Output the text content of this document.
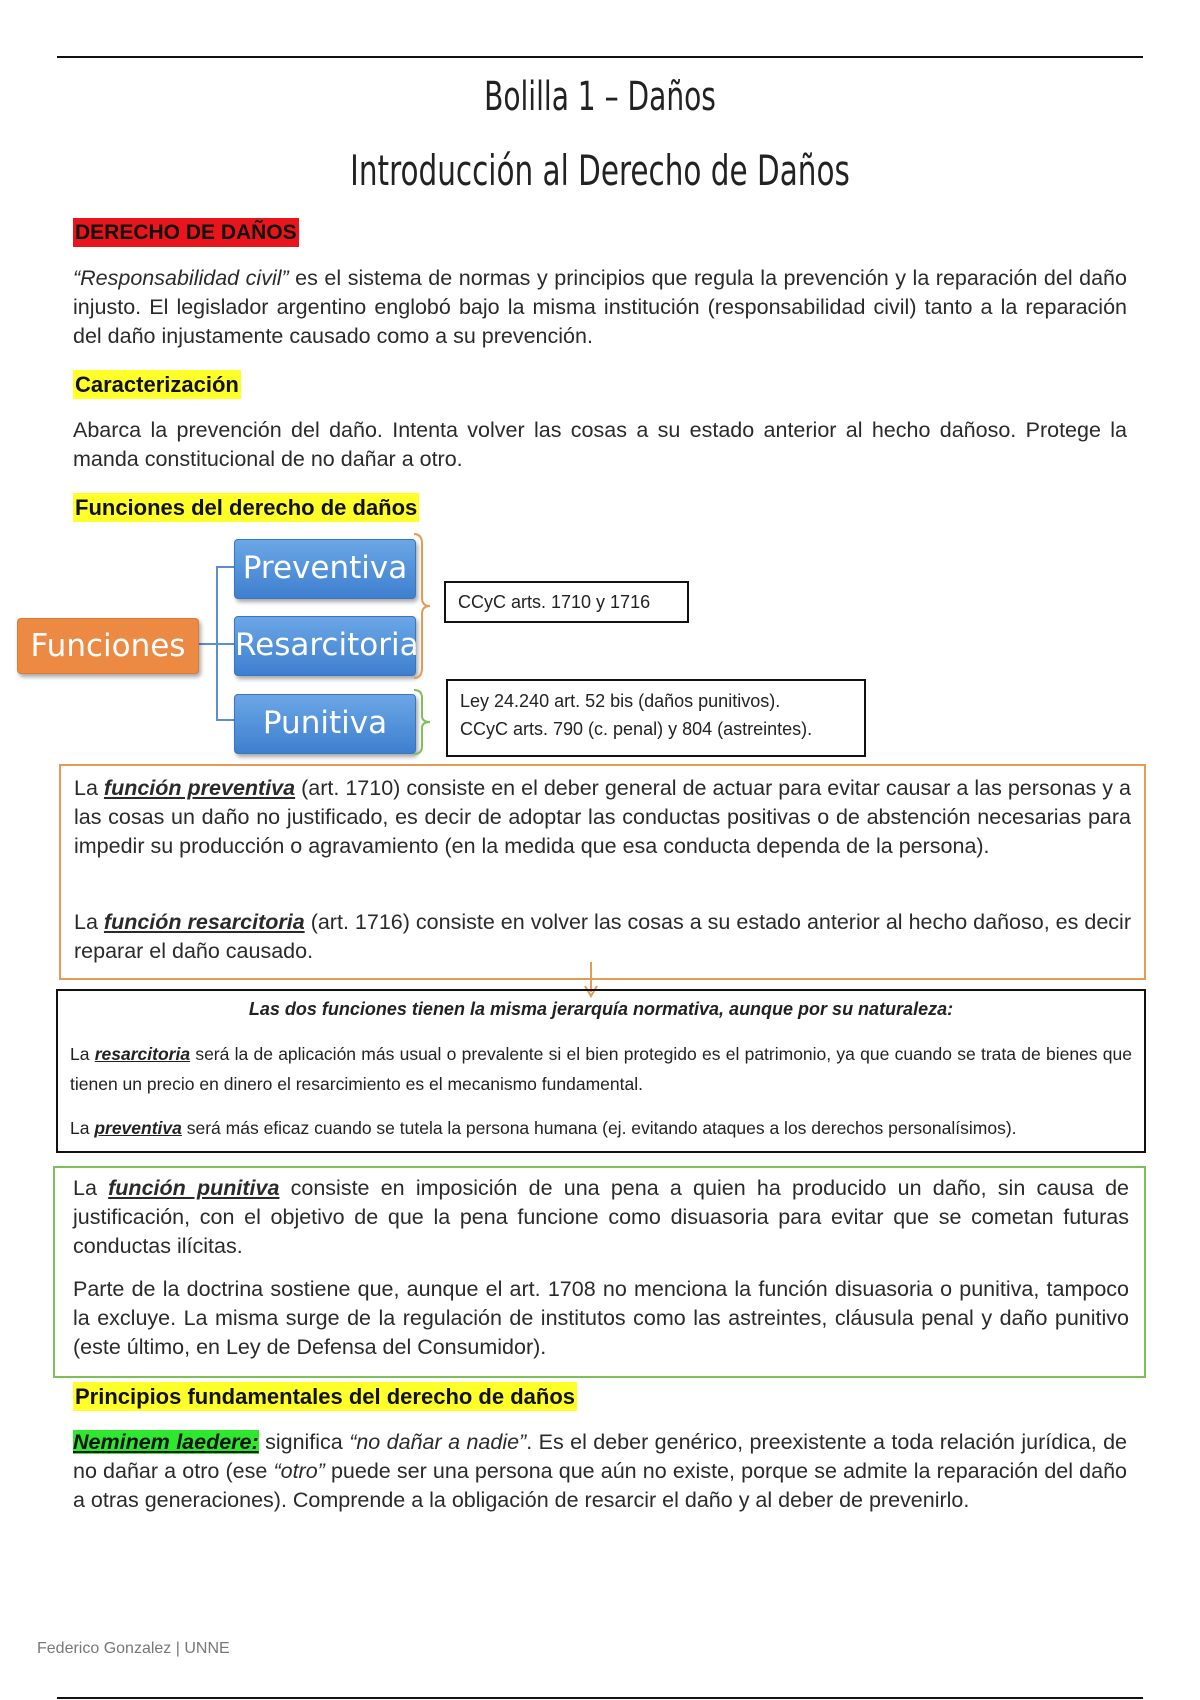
Bolilla 1 – Daños
Introducción al Derecho de Daños
DERECHO DE DAÑOS
“Responsabilidad civil” es el sistema de normas y principios que regula la prevención y la reparación del daño injusto. El legislador argentino englobó bajo la misma institución (responsabilidad civil) tanto a la reparación del daño injustamente causado como a su prevención.
Caracterización
Abarca la prevención del daño. Intenta volver las cosas a su estado anterior al hecho dañoso. Protege la manda constitucional de no dañar a otro.
Funciones del derecho de daños
Funciones
Preventiva
Resarcitoria
Punitiva
CCyC arts. 1710 y 1716
Ley 24.240 art. 52 bis (daños punitivos).
CCyC arts. 790 (c. penal) y 804 (astreintes).
La función preventiva (art. 1710) consiste en el deber general de actuar para evitar causar a las personas y a las cosas un daño no justificado, es decir de adoptar las conductas positivas o de abstención necesarias para impedir su producción o agravamiento (en la medida que esa conducta dependa de la persona).
La función resarcitoria (art. 1716) consiste en volver las cosas a su estado anterior al hecho dañoso, es decir reparar el daño causado.
Las dos funciones tienen la misma jerarquía normativa, aunque por su naturaleza:
La resarcitoria será la de aplicación más usual o prevalente si el bien protegido es el patrimonio, ya que cuando se trata de bienes que tienen un precio en dinero el resarcimiento es el mecanismo fundamental.
La preventiva será más eficaz cuando se tutela la persona humana (ej. evitando ataques a los derechos personalísimos).
La función punitiva consiste en imposición de una pena a quien ha producido un daño, sin causa de justificación, con el objetivo de que la pena funcione como disuasoria para evitar que se cometan futuras conductas ilícitas.
Parte de la doctrina sostiene que, aunque el art. 1708 no menciona la función disuasoria o punitiva, tampoco la excluye. La misma surge de la regulación de institutos como las astreintes, cláusula penal y daño punitivo (este último, en Ley de Defensa del Consumidor).
Principios fundamentales del derecho de daños
Neminem laedere: significa “no dañar a nadie”. Es el deber genérico, preexistente a toda relación jurídica, de no dañar a otro (ese “otro” puede ser una persona que aún no existe, porque se admite la reparación del daño a otras generaciones). Comprende a la obligación de resarcir el daño y al deber de prevenirlo.
Federico Gonzalez | UNNE
